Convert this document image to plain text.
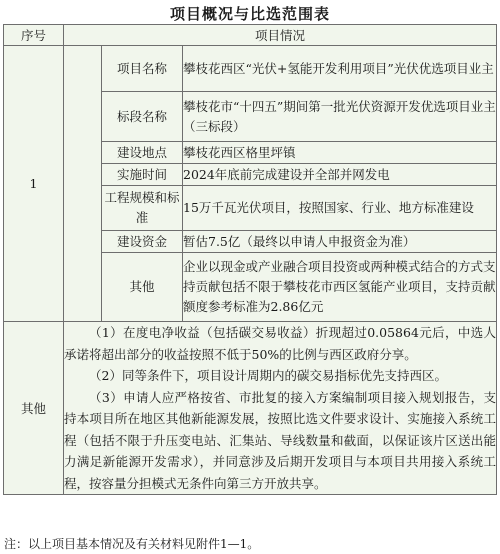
项目概况与比选范围表
序号	项目情况		
1		项目名称	攀枝花西区“光伏+氢能开发利用项目”光伏优选项目业主
		标段名称	攀枝花市“十四五”期间第一批光伏资源开发优选项目业主（三标段）
		建设地点	攀枝花西区格里坪镇
		实施时间	2024年底前完成建设并全部并网发电
		工程规模和标准	15万千瓦光伏项目，按照国家、行业、地方标准建设
		建设资金	暂估7.5亿（最终以申请人申报资金为准）
		其他	企业以现金或产业融合项目投资或两种模式结合的方式支持贡献包括不限于攀枝花市西区氢能产业项目，支持贡献额度参考标准为2.86亿元
其他	（1）在度电净收益（包括碳交易收益）折现超过0.05864元后，中选人承诺将超出部分的收益按照不低于50%的比例与西区政府分享。

（2）同等条件下，项目设计周期内的碳交易指标优先支持西区。

（3）申请人应严格按省、市批复的接入方案编制项目接入规划报告，支持本项目所在地区其他新能源发展，按照比选文件要求设计、实施接入系统工程（包括不限于升压变电站、汇集站、导线数量和截面，以保证该片区送出能力满足新能源开发需求），并同意涉及后期开发项目与本项目共用接入系统工程，按容量分担模式无条件向第三方开放共享。		

注：以上项目基本情况及有关材料见附件1—1。
